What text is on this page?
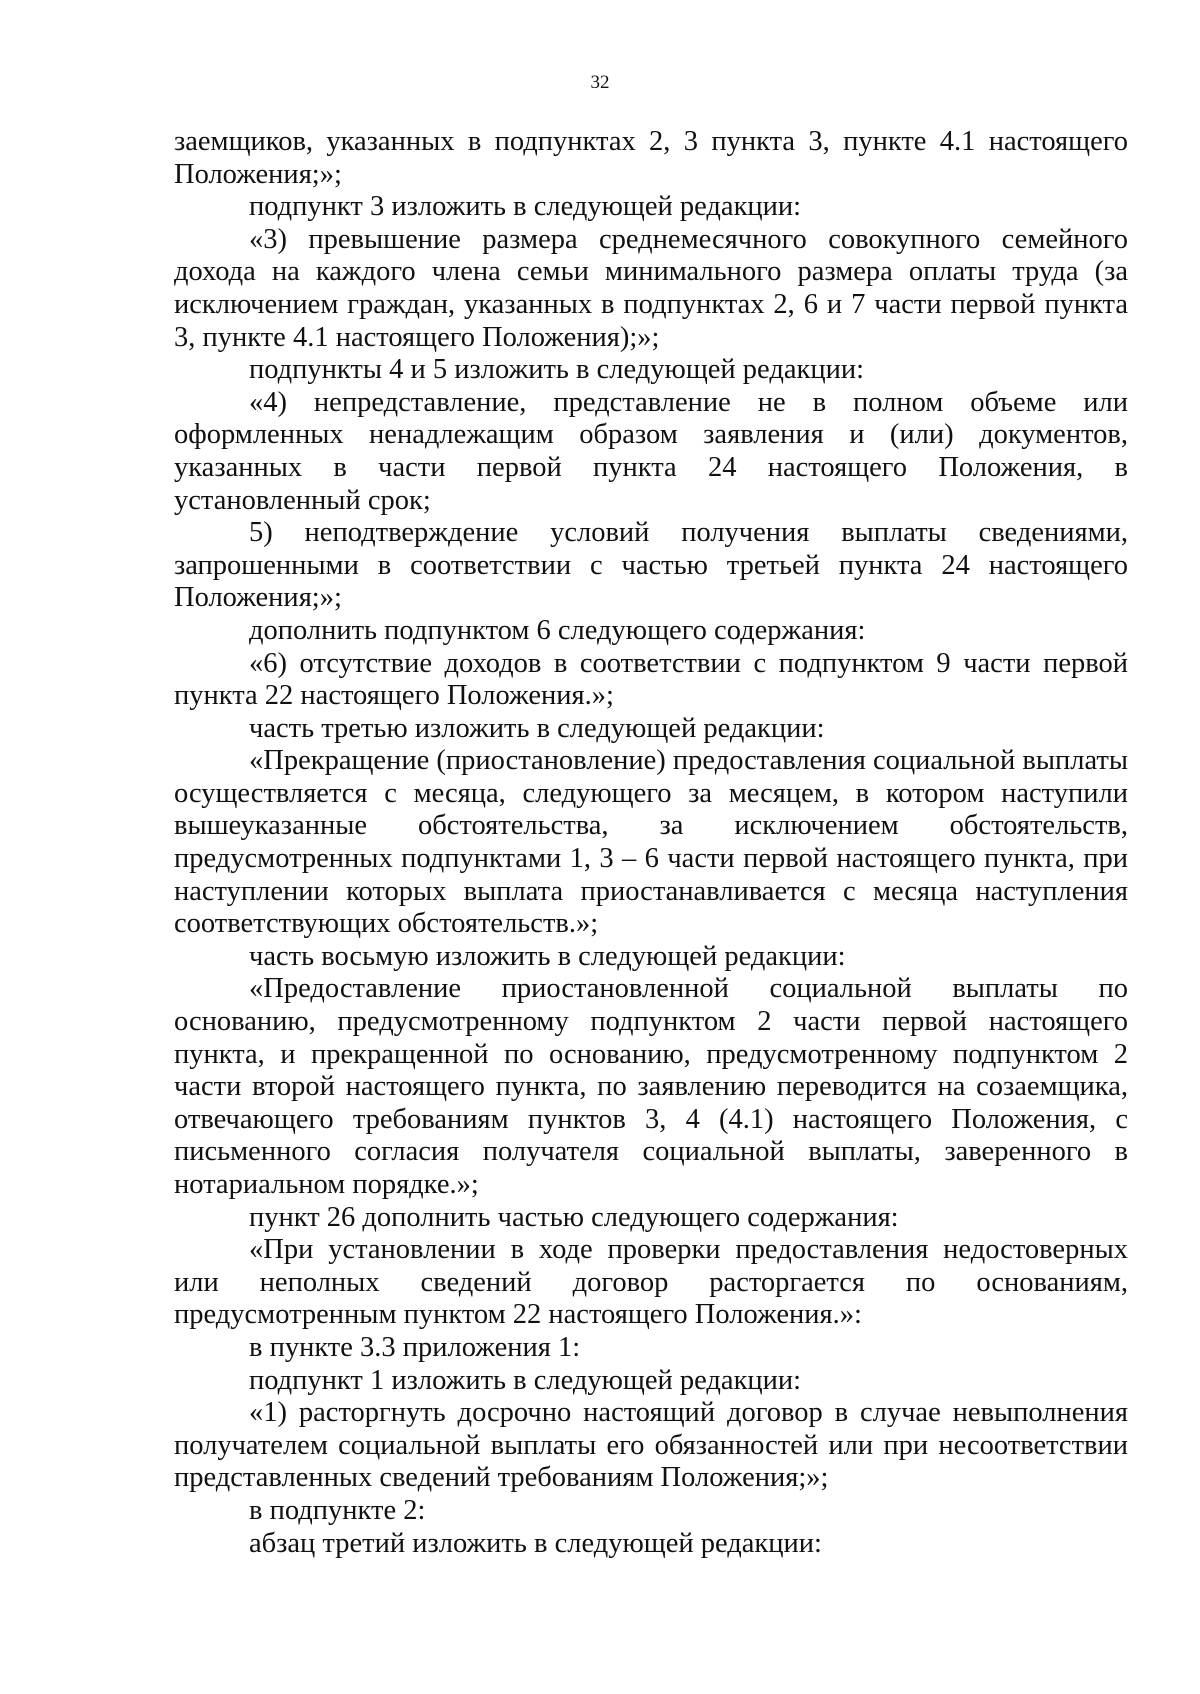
32

заемщиков, указанных в подпунктах 2, 3 пункта 3, пункте 4.1 настоящего Положения;»;

подпункт 3 изложить в следующей редакции:

«3) превышение размера среднемесячного совокупного семейного дохода на каждого члена семьи минимального размера оплаты труда (за исключением граждан, указанных в подпунктах 2, 6 и 7 части первой пункта 3, пункте 4.1 настоящего Положения);»;

подпункты 4 и 5 изложить в следующей редакции:

«4) непредставление, представление не в полном объеме или оформленных ненадлежащим образом заявления и (или) документов, указанных в части первой пункта 24 настоящего Положения, в установленный срок;

5) неподтверждение условий получения выплаты сведениями, запрошенными в соответствии с частью третьей пункта 24 настоящего Положения;»;

дополнить подпунктом 6 следующего содержания:

«6) отсутствие доходов в соответствии с подпунктом 9 части первой пункта 22 настоящего Положения.»;

часть третью изложить в следующей редакции:

«Прекращение (приостановление) предоставления социальной выплаты осуществляется с месяца, следующего за месяцем, в котором наступили вышеуказанные обстоятельства, за исключением обстоятельств, предусмотренных подпунктами 1, 3 – 6 части первой настоящего пункта, при наступлении которых выплата приостанавливается с месяца наступления соответствующих обстоятельств.»;

часть восьмую изложить в следующей редакции:

«Предоставление приостановленной социальной выплаты по основанию, предусмотренному подпунктом 2 части первой настоящего пункта, и прекращенной по основанию, предусмотренному подпунктом 2 части второй настоящего пункта, по заявлению переводится на созаемщика, отвечающего требованиям пунктов 3, 4 (4.1) настоящего Положения, с письменного согласия получателя социальной выплаты, заверенного в нотариальном порядке.»;

пункт 26 дополнить частью следующего содержания:

«При установлении в ходе проверки предоставления недостоверных или неполных сведений договор расторгается по основаниям, предусмотренным пунктом 22 настоящего Положения.»:

в пункте 3.3 приложения 1:

подпункт 1 изложить в следующей редакции:

«1) расторгнуть досрочно настоящий договор в случае невыполнения получателем социальной выплаты его обязанностей или при несоответствии представленных сведений требованиям Положения;»;

в подпункте 2:

абзац третий изложить в следующей редакции:
